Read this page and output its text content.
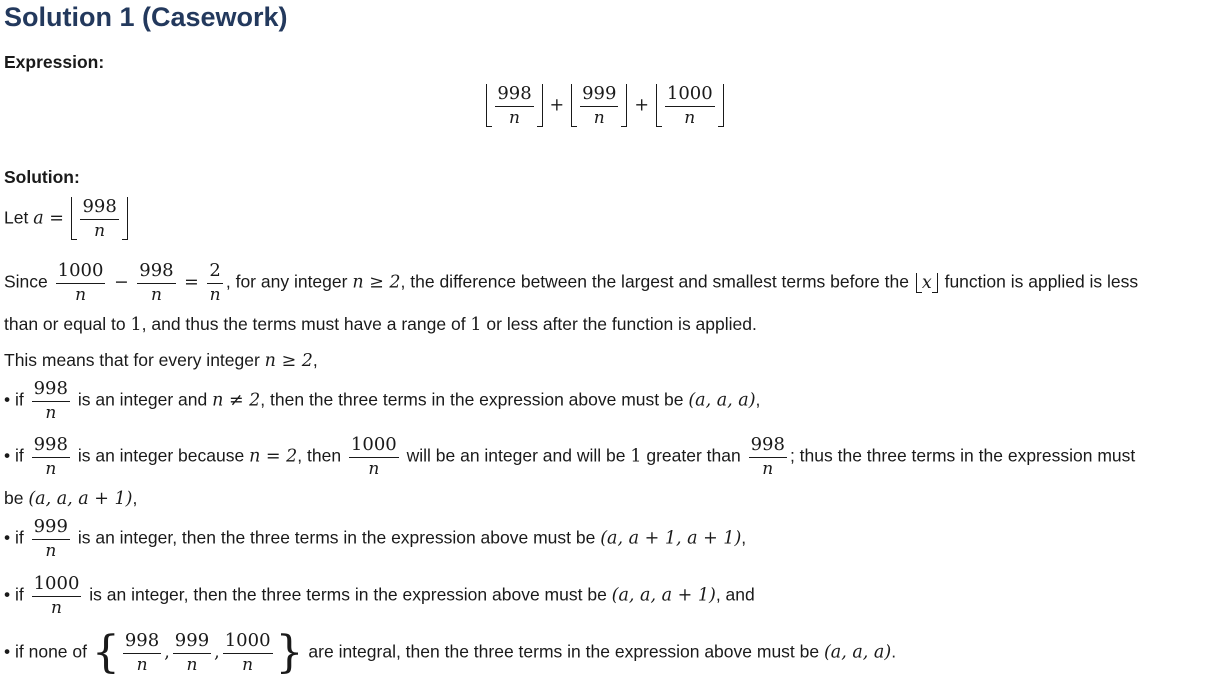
Solution 1 (Casework)
Expression:
$\frac{998}{n} + \frac{999}{n} + \frac{1000}{n}$
Solution:
Let $a = \frac{998}{n}$
Since $\frac{1000}{n} - \frac{998}{n} = \frac{2}{n}$ , for any integer n ≥ 2, the difference between the largest and smallest terms before the x function is applied is less
than or equal to 1, and thus the terms must have a range of 1 or less after the function is applied.
This means that for every integer n ≥ 2,
• if $\frac{998}{n}$ is an integer and n ≠ 2, then the three terms in the expression above must be (a, a, a),
• if $\frac{998}{n}$ is an integer because n = 2, then $\frac{1000}{n}$ will be an integer and will be 1 greater than $\frac{998}{n}$ ; thus the three terms in the expression must
be (a, a, a + 1),
• if $\frac{999}{n}$ is an integer, then the three terms in the expression above must be (a, a + 1, a + 1),
• if $\frac{1000}{n}$ is an integer, then the three terms in the expression above must be (a, a, a + 1), and
• if none of { $\frac{998}{n}$ , $\frac{999}{n}$ , $\frac{1000}{n}$ } are integral, then the three terms in the expression above must be (a, a, a).
